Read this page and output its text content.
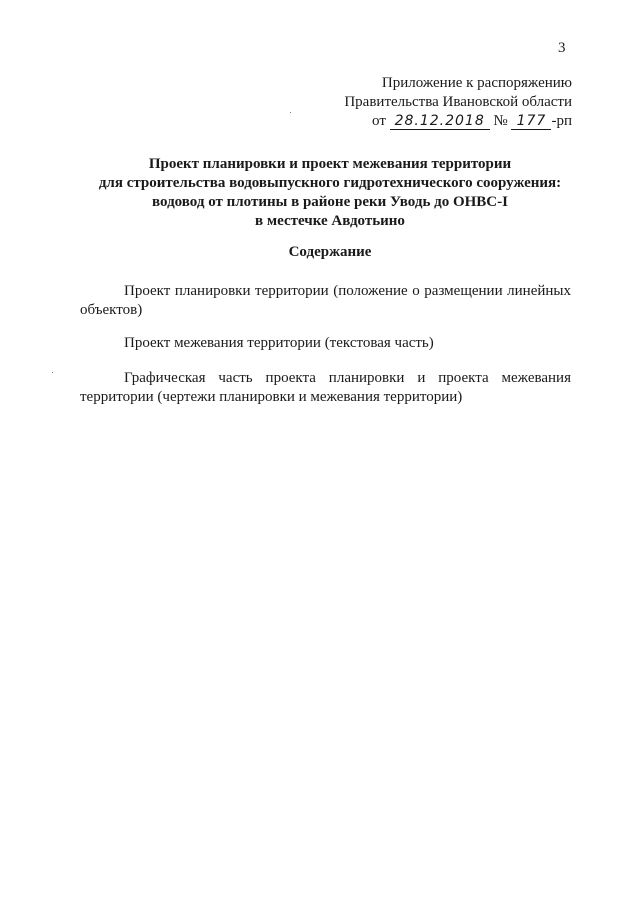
3
Приложение к распоряжению
Правительства Ивановской области
от 28.12.2018 № 177 -рп
Проект планировки и проект межевания территории
для строительства водовыпускного гидротехнического сооружения:
водовод от плотины в районе реки Уводь до ОНВС-I
в местечке Авдотьино
Содержание
Проект планировки территории (положение о размещении линейных объектов)
Проект межевания территории (текстовая часть)
Графическая часть проекта планировки и проекта межевания территории (чертежи планировки и межевания территории)
